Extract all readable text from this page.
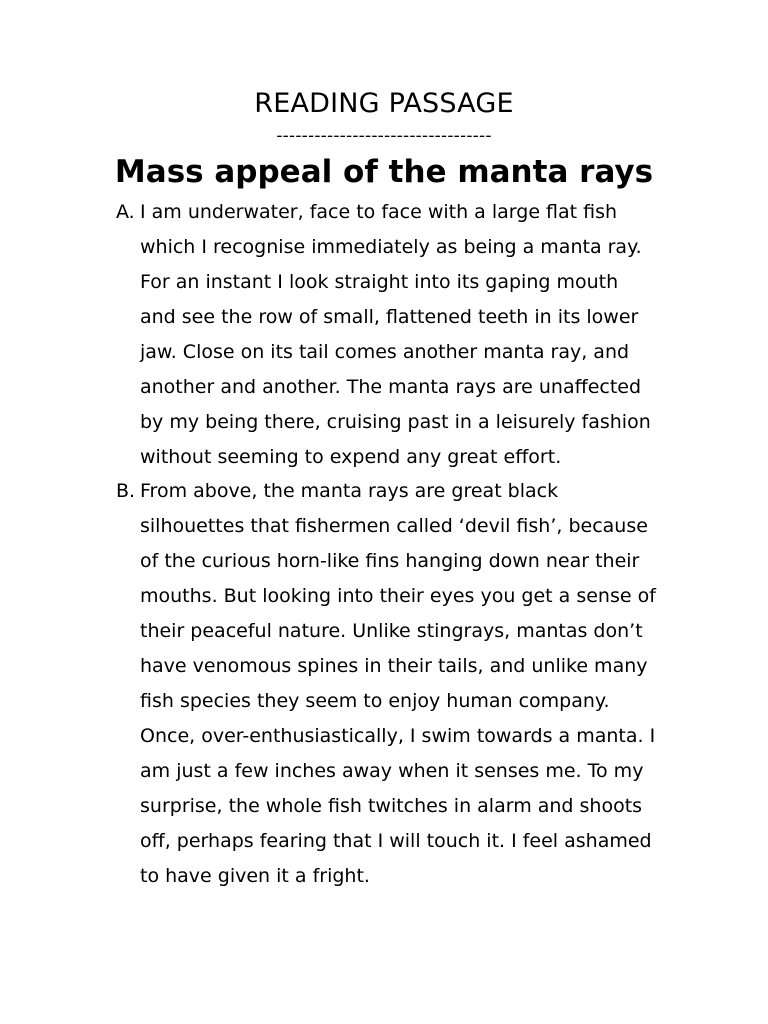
READING PASSAGE
----------------------------------
Mass appeal of the manta rays
A. I am underwater, face to face with a large flat fish
which I recognise immediately as being a manta ray.
For an instant I look straight into its gaping mouth
and see the row of small, flattened teeth in its lower
jaw. Close on its tail comes another manta ray, and
another and another. The manta rays are unaffected
by my being there, cruising past in a leisurely fashion
without seeming to expend any great effort.

B. From above, the manta rays are great black
silhouettes that fishermen called ‘devil fish’, because
of the curious horn-like fins hanging down near their
mouths. But looking into their eyes you get a sense of
their peaceful nature. Unlike stingrays, mantas don’t
have venomous spines in their tails, and unlike many
fish species they seem to enjoy human company.
Once, over-enthusiastically, I swim towards a manta. I
am just a few inches away when it senses me. To my
surprise, the whole fish twitches in alarm and shoots
off, perhaps fearing that I will touch it. I feel ashamed
to have given it a fright.
